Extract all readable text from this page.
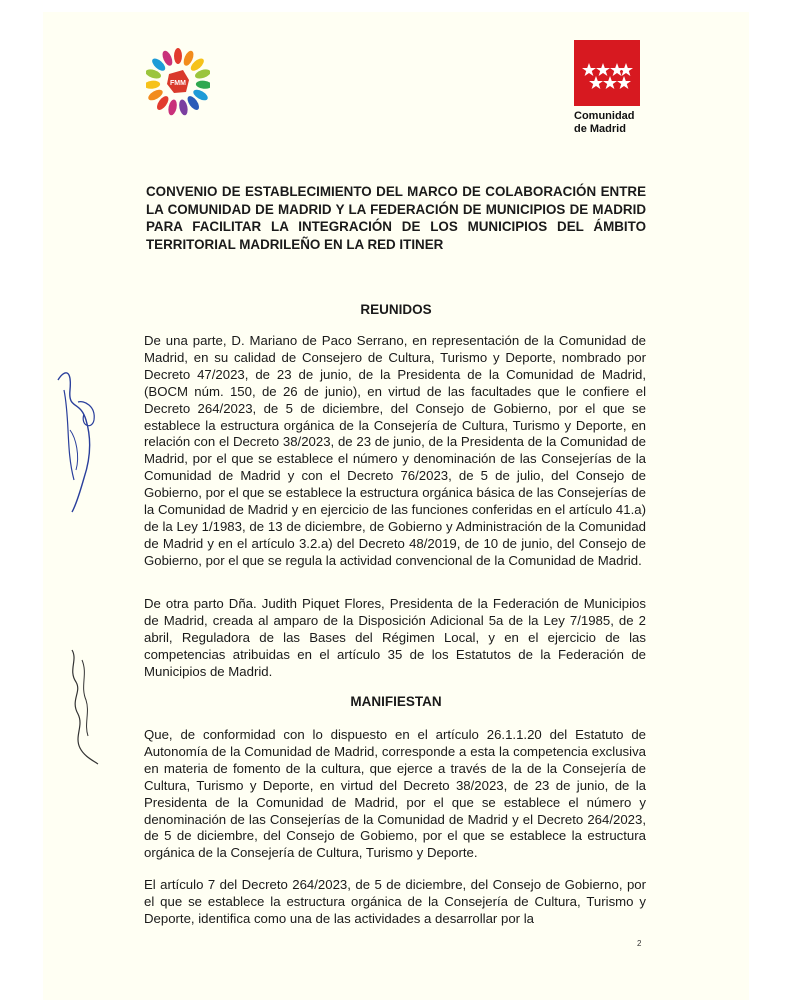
FMM
Comunidad
de Madrid

CONVENIO DE ESTABLECIMIENTO DEL MARCO DE COLABORACIÓN ENTRE LA COMUNIDAD DE MADRID Y LA FEDERACIÓN DE MUNICIPIOS DE MADRID PARA FACILITAR LA INTEGRACIÓN DE LOS MUNICIPIOS DEL ÁMBITO TERRITORIAL MADRILEÑO EN LA RED ITINER

REUNIDOS

De una parte, D. Mariano de Paco Serrano, en representación de la Comunidad de Madrid, en su calidad de Consejero de Cultura, Turismo y Deporte, nombrado por Decreto 47/2023, de 23 de junio, de la Presidenta de la Comunidad de Madrid, (BOCM núm. 150, de 26 de junio), en virtud de las facultades que le confiere el Decreto 264/2023, de 5 de diciembre, del Consejo de Gobierno, por el que se establece la estructura orgánica de la Consejería de Cultura, Turismo y Deporte, en relación con el Decreto 38/2023, de 23 de junio, de la Presidenta de la Comunidad de Madrid, por el que se establece el número y denominación de las Consejerías de la Comunidad de Madrid y con el Decreto 76/2023, de 5 de julio, del Consejo de Gobierno, por el que se establece la estructura orgánica básica de las Consejerías de la Comunidad de Madrid y en ejercicio de las funciones conferidas en el artículo 41.a) de la Ley 1/1983, de 13 de diciembre, de Gobierno y Administración de la Comunidad de Madrid y en el artículo 3.2.a) del Decreto 48/2019, de 10 de junio, del Consejo de Gobierno, por el que se regula la actividad convencional de la Comunidad de Madrid.

De otra parto Dña. Judith Piquet Flores, Presidenta de la Federación de Municipios de Madrid, creada al amparo de la Disposición Adicional 5a de la Ley 7/1985, de 2 abril, Reguladora de las Bases del Régimen Local, y en el ejercicio de las competencias atribuidas en el artículo 35 de los Estatutos de la Federación de Municipios de Madrid.

MANIFIESTAN

Que, de conformidad con lo dispuesto en el artículo 26.1.1.20 del Estatuto de Autonomía de la Comunidad de Madrid, corresponde a esta la competencia exclusiva en materia de fomento de la cultura, que ejerce a través de la de la Consejería de Cultura, Turismo y Deporte, en virtud del Decreto 38/2023, de 23 de junio, de la Presidenta de la Comunidad de Madrid, por el que se establece el número y denominación de las Consejerías de la Comunidad de Madrid y el Decreto 264/2023, de 5 de diciembre, del Consejo de Gobiemo, por el que se establece la estructura orgánica de la Consejería de Cultura, Turismo y Deporte.

El artículo 7 del Decreto 264/2023, de 5 de diciembre, del Consejo de Gobierno, por el que se establece la estructura orgánica de la Consejería de Cultura, Turismo y Deporte, identifica como una de las actividades a desarrollar por la

2
